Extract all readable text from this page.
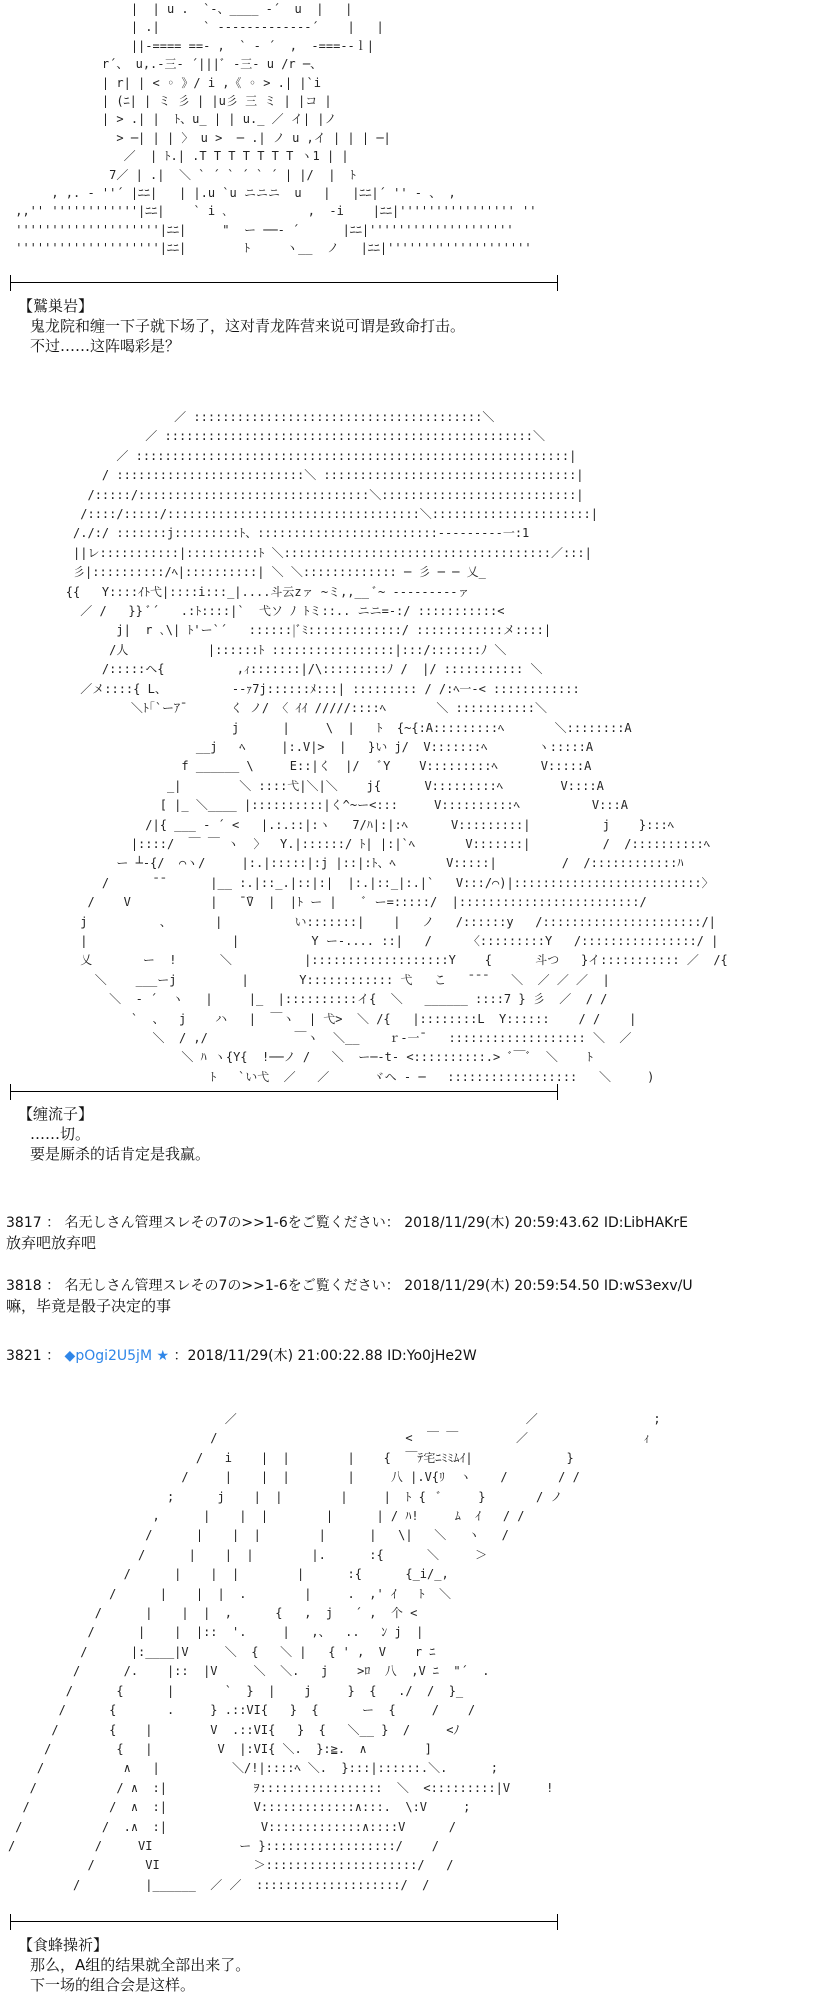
|  | u .  `-、____ -´  u  |   |
| .|      ` ‐-----------‐´    |   |
||-==== ==- ,  ` ‐ ´  ,  -===--ｌ|
r´、 u,.-三- ´|||ﾞ -三- u /r ─、
| r| | < ◦ 》/ i ,《 ◦ > .| |`i
| (ﾆ| | ミ 彡 | |u彡 三 ミ | |コ |
| > .| |  ﾄ、u_ | | u._ ／ イ| |ノ
> ─| | | 〉 u >  ─ .| ノ u ,イ | | | ─|
／  | ﾄ.| .T T T T T T T ヽ1 | |
7／ | .|  ＼ ` ´ ` ´ ` ´ | |/  |  ﾄ
, ,. - ''´ |ﾆﾆ|   | |.u `u ニニニ  u   |   |ﾆﾆ|´ '' ‐ 、 ,
,,'' ''''''''''''|ﾆﾆ|    ` i ､           ,  -i    |ﾆﾆ|'''''''''''''''' ''
''''''''''''''''''''|ﾆﾆ|     "  ー ──‐ ´      |ﾆﾆ|''''''''''''''''''''
''''''''''''''''''''|ﾆﾆ|        ﾄ     ヽ__  ノ   |ﾆﾆ|''''''''''''''''''''
【鷲巣岩】
鬼龙院和缠一下子就下场了，这对青龙阵营来说可谓是致命打击。
不过……这阵喝彩是？
／ ::::::::::::::::::::::::::::::::::::::::＼
／ :::::::::::::::::::::::::::::::::::::::::::::::::::＼
／ ::::::::::::::::::::::::::::::::::::::::::::::::::::::::::::|
/ ::::::::::::::::::::::::::＼ :::::::::::::::::::::::::::::::::::|
/:::::/::::::::::::::::::::::::::::::::＼:::::::::::::::::::::::::::|
/::::/:::::/:::::::::::::::::::::::::::::::::::＼::::::::::::::::::::::|
/./:/ :::::::j:::::::::ﾄ、:::::::::::::::::::::::::---------一:1
||レ:::::::::::|::::::::::ﾄ ＼:::::::::::::::::::::::::::::::::::::／:::|
彡|::::::::::/ﾍ|::::::::::| ＼ ＼::::::::::::: ─ 彡 ─ ─ 乂_
{{   Y::::ｲﾄ弋|::::i:::_|....斗云zァ ~ミ,,__ ﾞ~ ---------ァ
／ /   }} ﾞ´   .:ﾄ::::|`  弋ソ ﾉ ﾄミ::.. ニニ=-:/ :::::::::::<
j|  r ､\| ﾄ'ー`´   ::::::|ﾞﾐ:::::::::::::/ ::::::::::::メ::::|
/人           |::::::ﾄ :::::::::::::::::|:::/:::::::ﾉ ＼
/:::::ヘ{          ,ｨ:::::::|/\:::::::::ﾉ /  |/ ::::::::::: ＼
／メ::::{ L、         --ｧ7j::::::ﾒ:::| ::::::::: / /:ﾍ一-< ::::::::::::
＼ﾄ｢`ーｱ¯      く ノ/ 〈 ｲｲ /////::::ﾍ       ＼ :::::::::::＼
j      |     \  |   ﾄ  {~{:A:::::::::ﾍ       ＼::::::::A
__j   ﾍ     |:.V|>  |   }い j/  V:::::::ﾍ       ヽ:::::A
f ______ \     E::|く  |/   ﾞY    V:::::::::ﾍ      V:::::A
_|        ＼ ::::弋|＼|＼    j{      V:::::::::ﾍ        V::::A
[ |_ ＼____ |::::::::::|く^~ー<:::     V::::::::::ﾍ          V:::A
/|{ ___ ‐ ´ <   |.:.::|:ヽ   7/ﾊ|:|:ﾍ      V:::::::::|          j    }:::ﾍ
|::::/  ￣ ￣ ヽ  〉  Y.|::::::/ ﾄ| |:|`ﾍ       V:::::::|          /  /::::::::::ﾍ
ー ┴-{/  ⌒ヽ/     |:.|:::::|:j |::|:ﾄ、ﾍ       V:::::|         /  /::::::::::::ﾊ
/      ̄ ̄       |__ :.|::_.|::|:|  |:.|::_|:.|`   V:::/⌒)|::::::::::::::::::::::::::〉
/    V           |   ̄ ̄V  |  |ﾄ ー |    ﾞ ー=:::::/  |:::::::::::::::::::::::::/
j          、      |          い:::::::|    |   ノ   /::::::y   /::::::::::::::::::::::/|
|                    |          Y ー-.... ::|   /     〈:::::::::Y   /::::::::::::::::/ |
乂       ー  !      ＼          |:::::::::::::::::::Y    {      斗つ   }イ::::::::::: ／  /{
＼    ___ーj         |       Y:::::::::::: 弋   こ   ̄ ̄ ̄    ＼  ／ ／ ／  |
＼  ‐ ´  ヽ   |     |_  |::::::::::イ{  ＼   ______ ::::7 } 彡  ／  / /
`  、  j    ハ   |  ￣ヽ  | 弋>  ＼ /{   |::::::::L  Y::::::    / /    |
＼  / ,/            ￣ヽ  ＼__    ｒ-一¯   ::::::::::::::::::: ＼  ／
＼ ﾊ ヽ{Y{  !──ノ /   ＼  ー─‐t‐ <::::::::::.> ﾞ￣ﾞ  ＼    ﾄ
ﾄ   `い弋  ／   ／      ヾヘ ‐ ─   ::::::::::::::::::   ＼     )
【缠流子】
……切。
要是厮杀的话肯定是我赢。
3817 ： 名无しさん管理スレその7の>>1-6をご覧ください： 2018/11/29(木) 20:59:43.62 ID:LibHAKrE
放弃吧放弃吧
3818 ： 名无しさん管理スレその7の>>1-6をご覧ください： 2018/11/29(木) 20:59:54.50 ID:wS3exv/U
嘛，毕竟是骰子决定的事
3821 ： ◆pOgi2U5jM ★ ：2018/11/29(木) 21:00:22.88 ID:Yo0jHe2W
／                                        ／                ;
/                          <  ￣ ￣        ／                ｨ
/   i    |  |        |    {  ￣ﾃ宅ﾆﾐﾐﾑｲ|             }
/     |    |  |        |     八 |.V{ﾘ  ヽ    /       / /
;      j    |  |        |     |  ﾄ {  ﾞ     }       / ノ
,      |    |  |        |      | / ﾊ!     ﾑ  ｲ   / /
/      |    |  |        |      |   \|   ＼   ヽ   /
/      |    |  |        |.      :{      ＼     ＞
/      |    |  |        |      :{      {_i/_,
/      |    |  |  .        |     .  ,' ｲ   ﾄ  ＼
/      |    |  |  ,      {   ,  j   ´ ,  个 <
/      |    |  |::  '.     |   ,、  ..   ﾝ j  |
/      |:____|V     ＼  {   ＼ |   { ' ,  V    r ﾆ
/      /.    |::  |V     ＼  ＼.   j    >ﾛ  八  ,V ﾆ  "´  .
/      {      |       `  }  |    j     }  {   ./  /  }_
/      {       .     } .::VI{   }  {      ー  {     /    /
/       {    |        V  .::VI{   }  {   ＼__ }  /     <ﾉ
/         {   |         V  |:VI{ ＼.  }:≧.  ∧        ]
/           ∧   |          ＼/!|::::ﾍ ＼.  }:::|::::::.＼.      ;
/           / ∧  :|            ｦ:::::::::::::::::  ＼  <:::::::::|V     !
/           /  ∧  :|            V:::::::::::::∧:::.  \:V     ;
/           /  .∧  :|             V:::::::::::::∧::::V      /
/           /     VI            ー }::::::::::::::::::/    /
/       VI             ＞:::::::::::::::::::::/   /
/         |______  ／ ／  ::::::::::::::::::::/  /
【食蜂操祈】
那么，A组的结果就全部出来了。
下一场的组合会是这样。
